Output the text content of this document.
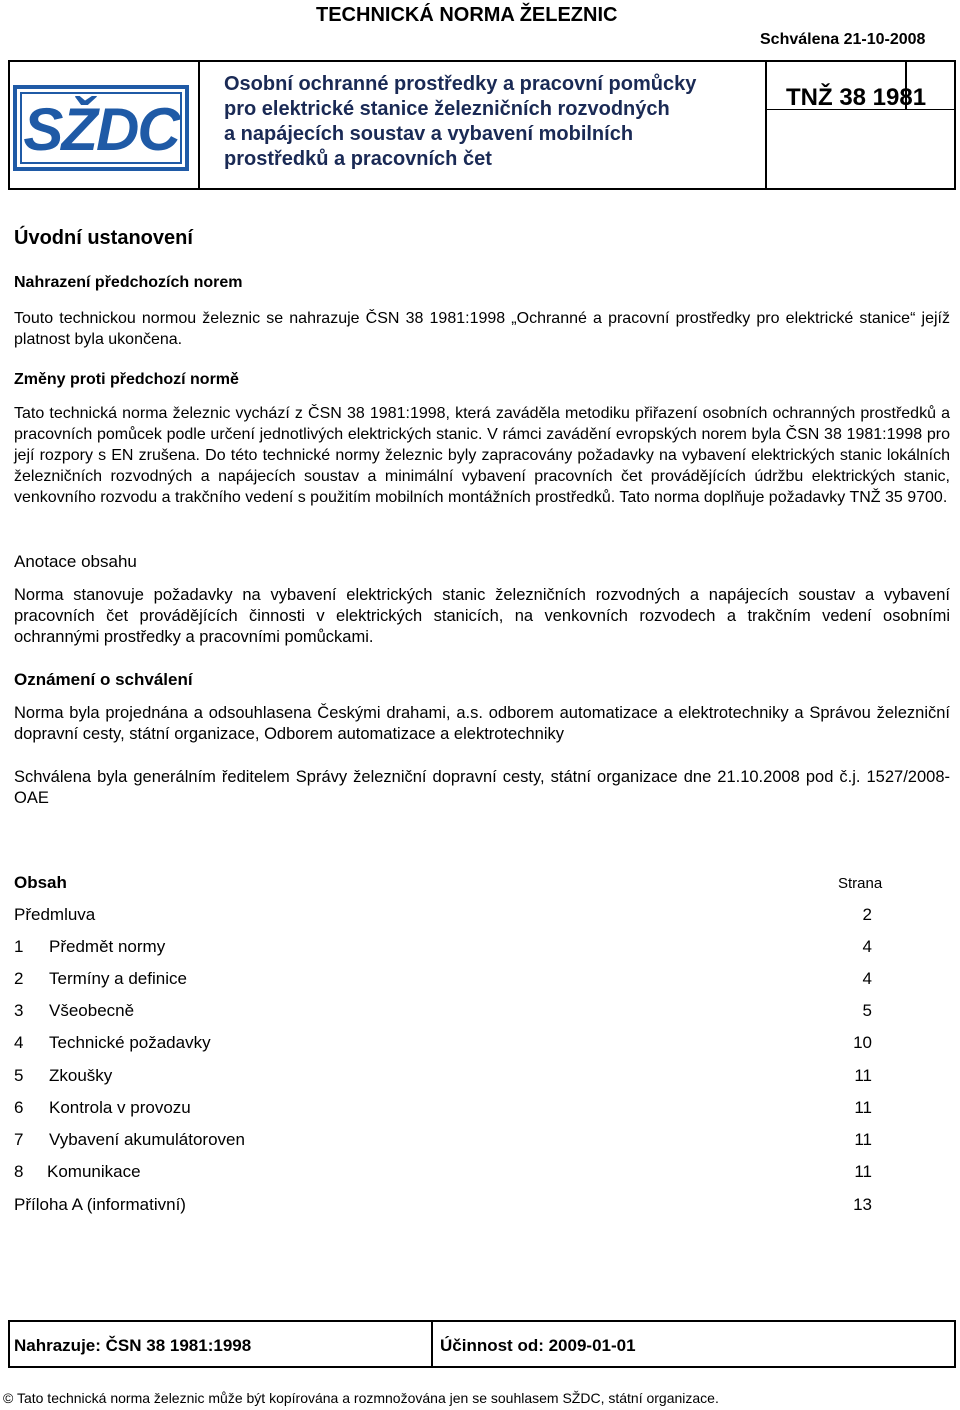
TECHNICKÁ NORMA ŽELEZNIC
Schválena 21-10-2008
SŽDC
Osobní ochranné prostředky a pracovní pomůcky
pro elektrické stanice železničních rozvodných
a napájecích soustav a vybavení mobilních
prostředků a pracovních čet
TNŽ 38 1981
Úvodní ustanovení
Nahrazení předchozích norem
Touto technickou normou železnic se nahrazuje ČSN 38 1981:1998 „Ochranné a pracovní prostředky pro elektrické stanice“ jejíž platnost byla ukončena.
Změny proti předchozí normě
Tato technická norma železnic vychází z ČSN 38 1981:1998, která zaváděla metodiku přiřazení osobních ochranných prostředků a pracovních pomůcek podle určení jednotlivých elektrických stanic. V rámci zavádění evropských norem byla ČSN 38 1981:1998 pro její rozpory s EN zrušena. Do této technické normy železnic byly zapracovány požadavky na vybavení elektrických stanic lokálních železničních rozvodných a napájecích soustav a minimální vybavení pracovních čet provádějících údržbu elektrických stanic, venkovního rozvodu a trakčního vedení s použitím mobilních montážních prostředků. Tato norma doplňuje požadavky TNŽ 35 9700.
Anotace obsahu
Norma stanovuje požadavky na vybavení elektrických stanic železničních rozvodných a napájecích soustav a vybavení pracovních čet provádějících činnosti v elektrických stanicích, na venkovních rozvodech a trakčním vedení osobními ochrannými prostředky a pracovními pomůckami.
Oznámení o schválení
Norma byla projednána a odsouhlasena Českými drahami, a.s. odborem automatizace a elektrotechniky a Správou železniční dopravní cesty, státní organizace, Odborem automatizace a elektrotechniky
Schválena byla generálním ředitelem Správy železniční dopravní cesty, státní organizace dne 21.10.2008 pod č.j. 1527/2008-OAE
Obsah	Strana
Předmluva	2
1 Předmět normy	4
2 Termíny a definice	4
3 Všeobecně	5
4 Technické požadavky	10
5 Zkoušky	11
6 Kontrola v provozu	11
7 Vybavení akumulátoroven	11
8 Komunikace	11
Příloha A (informativní)	13
Nahrazuje: ČSN 38 1981:1998	Účinnost od: 2009-01-01
© Tato technická norma železnic může být kopírována a rozmnožována jen se souhlasem SŽDC, státní organizace.
